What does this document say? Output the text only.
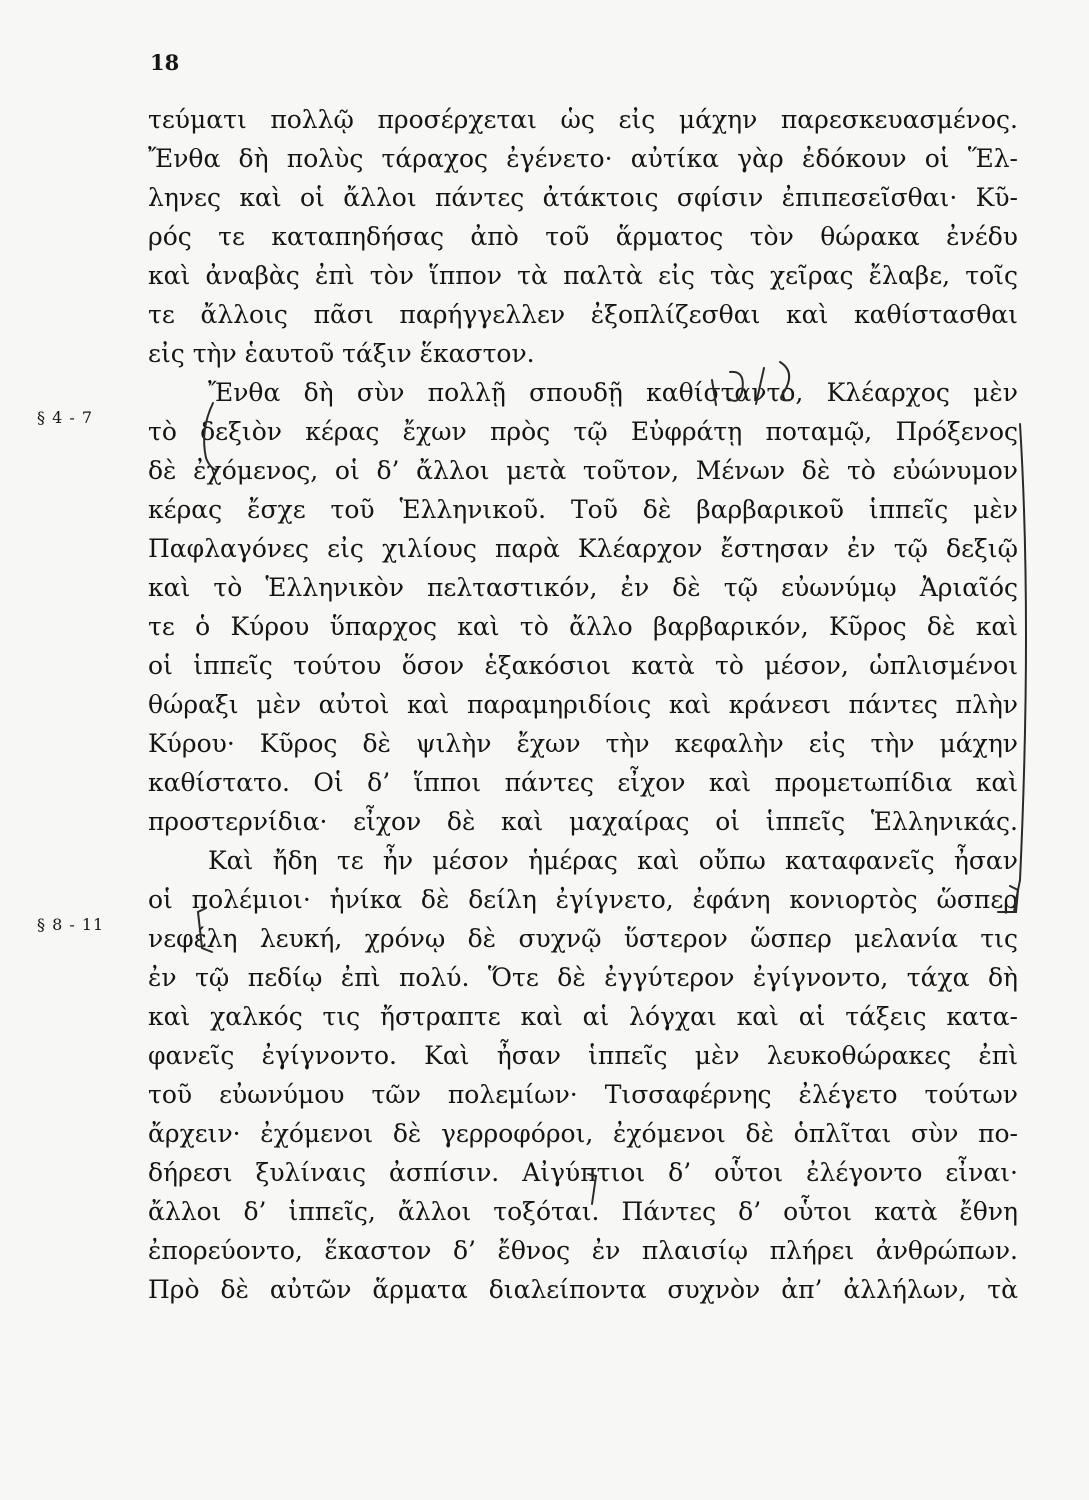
18
§ 4 - 7
§ 8 - 11
τεύματι πολλῷ προσέρχεται ὡς εἰς μάχην παρεσκευασμένος.
Ἔνθα δὴ πολὺς τάραχος ἐγένετο· αὐτίκα γὰρ ἐδόκουν οἱ Ἕλ-
ληνες καὶ οἱ ἄλλοι πάντες ἀτάκτοις σφίσιν ἐπιπεσεῖσθαι· Κῦ-
ρός τε καταπηδήσας ἀπὸ τοῦ ἅρματος τὸν θώρακα ἐνέδυ
καὶ ἀναβὰς ἐπὶ τὸν ἵππον τὰ παλτὰ εἰς τὰς χεῖρας ἔλαβε, τοῖς
τε ἄλλοις πᾶσι παρήγγελλεν ἐξοπλίζεσθαι καὶ καθίστασθαι
εἰς τὴν ἑαυτοῦ τάξιν ἕκαστον.
Ἔνθα δὴ σὺν πολλῇ σπουδῇ καθίσταντο, Κλέαρχος μὲν
τὸ δεξιὸν κέρας ἔχων πρὸς τῷ Εὐφράτῃ ποταμῷ, Πρόξενος
δὲ ἐχόμενος, οἱ δ’ ἄλλοι μετὰ τοῦτον, Μένων δὲ τὸ εὐώνυμον
κέρας ἔσχε τοῦ Ἑλληνικοῦ. Τοῦ δὲ βαρβαρικοῦ ἱππεῖς μὲν
Παφλαγόνες εἰς χιλίους παρὰ Κλέαρχον ἔστησαν ἐν τῷ δεξιῷ
καὶ τὸ Ἑλληνικὸν πελταστικόν, ἐν δὲ τῷ εὐωνύμῳ Ἀριαῖός
τε ὁ Κύρου ὕπαρχος καὶ τὸ ἄλλο βαρβαρικόν, Κῦρος δὲ καὶ
οἱ ἱππεῖς τούτου ὅσον ἑξακόσιοι κατὰ τὸ μέσον, ὡπλισμένοι
θώραξι μὲν αὐτοὶ καὶ παραμηριδίοις καὶ κράνεσι πάντες πλὴν
Κύρου· Κῦρος δὲ ψιλὴν ἔχων τὴν κεφαλὴν εἰς τὴν μάχην
καθίστατο. Οἱ δ’ ἵπποι πάντες εἶχον καὶ προμετωπίδια καὶ
προστερνίδια· εἶχον δὲ καὶ μαχαίρας οἱ ἱππεῖς Ἑλληνικάς.
Καὶ ἤδη τε ἦν μέσον ἡμέρας καὶ οὔπω καταφανεῖς ἦσαν
οἱ πολέμιοι· ἡνίκα δὲ δείλη ἐγίγνετο, ἐφάνη κονιορτὸς ὥσπερ
νεφέλη λευκή, χρόνῳ δὲ συχνῷ ὕστερον ὥσπερ μελανία τις
ἐν τῷ πεδίῳ ἐπὶ πολύ. Ὅτε δὲ ἐγγύτερον ἐγίγνοντο, τάχα δὴ
καὶ χαλκός τις ἤστραπτε καὶ αἱ λόγχαι καὶ αἱ τάξεις κατα-
φανεῖς ἐγίγνοντο. Καὶ ἦσαν ἱππεῖς μὲν λευκοθώρακες ἐπὶ
τοῦ εὐωνύμου τῶν πολεμίων· Τισσαφέρνης ἐλέγετο τούτων
ἄρχειν· ἐχόμενοι δὲ γερροφόροι, ἐχόμενοι δὲ ὁπλῖται σὺν πο-
δήρεσι ξυλίναις ἀσπίσιν. Αἰγύπτιοι δ’ οὗτοι ἐλέγοντο εἶναι·
ἄλλοι δ’ ἱππεῖς, ἄλλοι τοξόται. Πάντες δ’ οὗτοι κατὰ ἔθνη
ἐπορεύοντο, ἕκαστον δ’ ἔθνος ἐν πλαισίῳ πλήρει ἀνθρώπων.
Πρὸ δὲ αὐτῶν ἅρματα διαλείποντα συχνὸν ἀπ’ ἀλλήλων, τὰ
